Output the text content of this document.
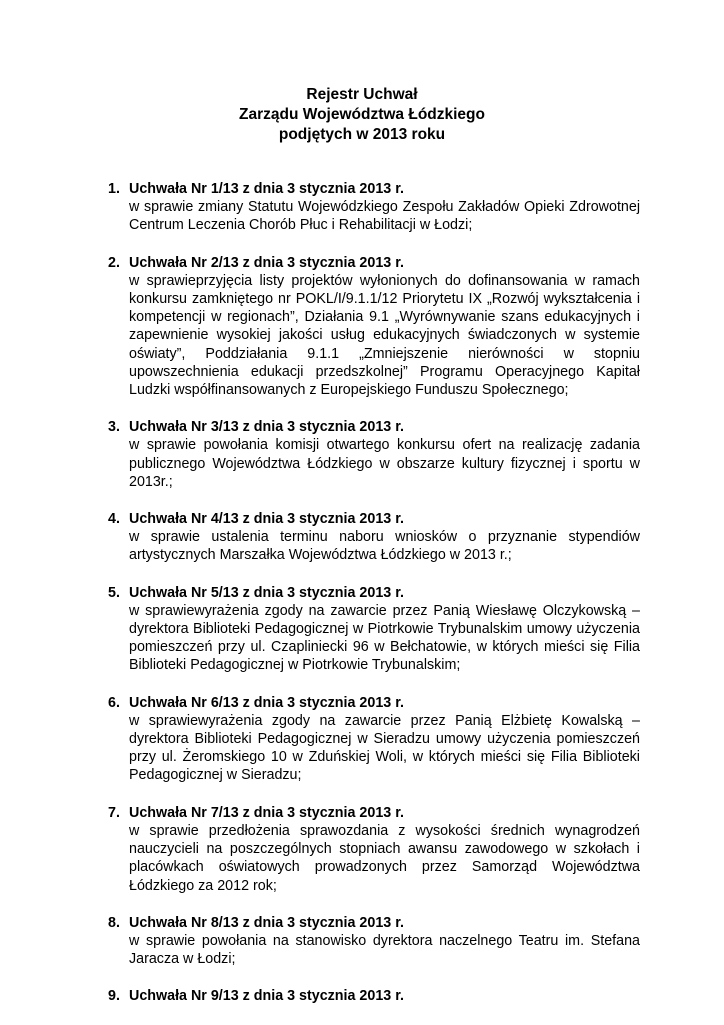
Rejestr Uchwał
Zarządu Województwa Łódzkiego
podjętych w 2013 roku
1. Uchwała Nr 1/13 z dnia 3 stycznia 2013 r.
w sprawie zmiany Statutu Wojewódzkiego Zespołu Zakładów Opieki Zdrowotnej Centrum Leczenia Chorób Płuc i Rehabilitacji w Łodzi;
2. Uchwała Nr 2/13 z dnia 3 stycznia 2013 r.
w sprawieprzyjęcia listy projektów wyłonionych do dofinansowania w ramach konkursu zamkniętego nr POKL/I/9.1.1/12 Priorytetu IX „Rozwój wykształcenia i kompetencji w regionach”, Działania 9.1 „Wyrównywanie szans edukacyjnych i zapewnienie wysokiej jakości usług edukacyjnych świadczonych w systemie oświaty”, Poddziałania 9.1.1 „Zmniejszenie nierówności w stopniu upowszechnienia edukacji przedszkolnej” Programu Operacyjnego Kapitał Ludzki współfinansowanych z Europejskiego Funduszu Społecznego;
3. Uchwała Nr 3/13 z dnia 3 stycznia 2013 r.
w sprawie powołania komisji otwartego konkursu ofert na realizację zadania publicznego Województwa Łódzkiego w obszarze kultury fizycznej i sportu w 2013r.;
4. Uchwała Nr 4/13 z dnia 3 stycznia 2013 r.
w sprawie ustalenia terminu naboru wniosków o przyznanie stypendiów artystycznych Marszałka Województwa Łódzkiego w 2013 r.;
5. Uchwała Nr 5/13 z dnia 3 stycznia 2013 r.
w sprawiewyrażenia zgody na zawarcie przez Panią Wiesławę Olczykowską – dyrektora Biblioteki Pedagogicznej w Piotrkowie Trybunalskim umowy użyczenia pomieszczeń przy ul. Czapliniecki 96 w Bełchatowie, w których mieści się Filia Biblioteki Pedagogicznej w Piotrkowie Trybunalskim;
6. Uchwała Nr 6/13 z dnia 3 stycznia 2013 r.
w sprawiewyrażenia zgody na zawarcie przez Panią Elżbietę Kowalską – dyrektora Biblioteki Pedagogicznej w Sieradzu umowy użyczenia pomieszczeń przy ul. Żeromskiego 10 w Zduńskiej Woli, w których mieści się Filia Biblioteki Pedagogicznej w Sieradzu;
7. Uchwała Nr 7/13 z dnia 3 stycznia 2013 r.
w sprawie przedłożenia sprawozdania z wysokości średnich wynagrodzeń nauczycieli na poszczególnych stopniach awansu zawodowego w szkołach i placówkach oświatowych prowadzonych przez Samorząd Województwa Łódzkiego za 2012 rok;
8. Uchwała Nr 8/13 z dnia 3 stycznia 2013 r.
w sprawie powołania na stanowisko dyrektora naczelnego Teatru im. Stefana Jaracza w Łodzi;
9. Uchwała Nr 9/13 z dnia 3 stycznia 2013 r.
